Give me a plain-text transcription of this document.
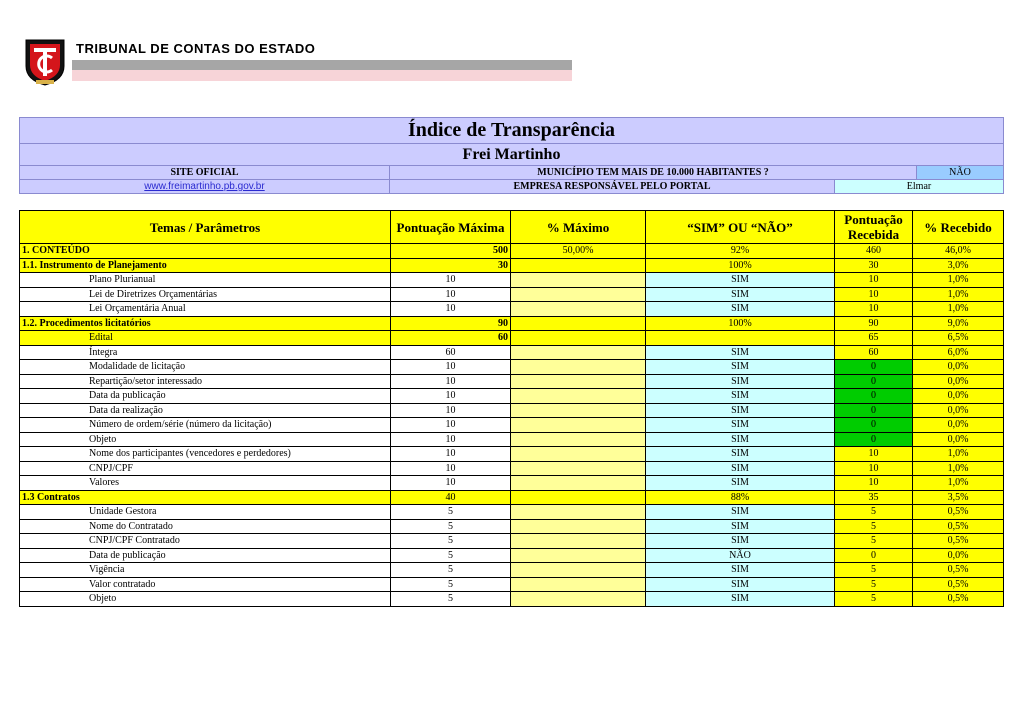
TRIBUNAL DE CONTAS DO ESTADO
Índice de Transparência			
Frei Martinho			
SITE OFICIAL	MUNICÍPIO TEM MAIS DE 10.000 HABITANTES ?		NÃO
www.freimartinho.pb.gov.br	EMPRESA RESPONSÁVEL PELO PORTAL	Elmar	
Temas / Parâmetros	Pontuação Máxima	% Máximo	“SIM” OU “NÃO”	Pontuação Recebida	% Recebido
1. CONTEÚDO	500	50,00%	92%	460	46,0%
1.1. Instrumento de Planejamento	30		100%	30	3,0%
Plano Plurianual	10		SIM	10	1,0%
Lei de Diretrizes Orçamentárias	10		SIM	10	1,0%
Lei Orçamentária Anual	10		SIM	10	1,0%
1.2. Procedimentos licitatórios	90		100%	90	9,0%
Edital	60			65	6,5%
Íntegra	60		SIM	60	6,0%
Modalidade de licitação	10		SIM	0	0,0%
Repartição/setor interessado	10		SIM	0	0,0%
Data da publicação	10		SIM	0	0,0%
Data da realização	10		SIM	0	0,0%
Número de ordem/série (número da licitação)	10		SIM	0	0,0%
Objeto	10		SIM	0	0,0%
Nome dos participantes (vencedores e perdedores)	10		SIM	10	1,0%
CNPJ/CPF	10		SIM	10	1,0%
Valores	10		SIM	10	1,0%
1.3 Contratos	40		88%	35	3,5%
Unidade Gestora	5		SIM	5	0,5%
Nome do Contratado	5		SIM	5	0,5%
CNPJ/CPF Contratado	5		SIM	5	0,5%
Data de publicação	5		NÃO	0	0,0%
Vigência	5		SIM	5	0,5%
Valor contratado	5		SIM	5	0,5%
Objeto	5		SIM	5	0,5%
